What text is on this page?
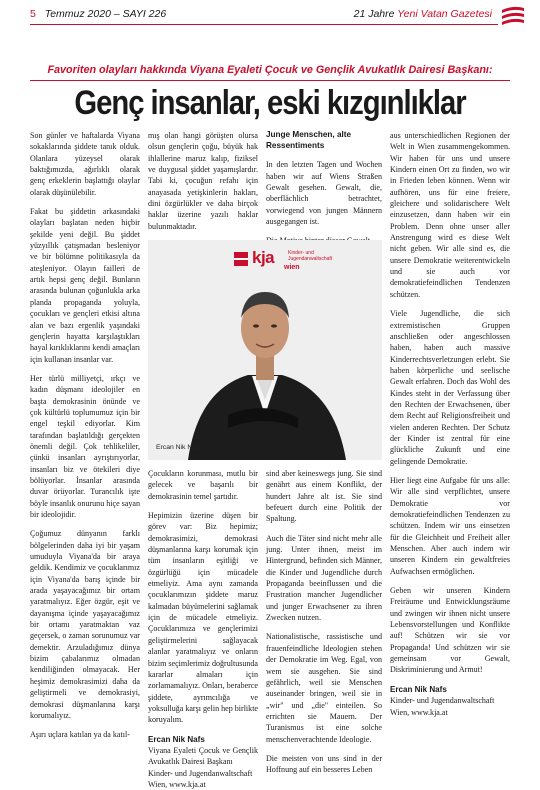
5 Temmuz 2020 – SAYI 226	21 Jahre Yeni Vatan Gazetesi
Favoriten olayları hakkında Viyana Eyaleti Çocuk ve Gençlik Avukatlık Dairesi Başkanı:
Genç insanlar, eski kızgınlıklar

Son günler ve haftalarda Viyana sokaklarında şiddete tanık olduk. Olanlara yüzeysel olarak baktığımızda, ağırlıklı olarak genç erkeklerin başlattığı olaylar olarak düşünülebilir.

Fakat bu şiddetin arkasındaki olayları başlatan neden hiçbir şekilde yeni değil. Bu şiddet yüzyıllık çatışmadan besleniyor ve bir bölümne politikasıyla da ateşleniyor. Olayın failleri de artık hepsi genç değil. Bunların arasında bulunan çoğunlukla arka planda propaganda yoluyla, çocukları ve gençleri etkisi altına alan ve bazı ergenlik yaşındaki gençlerin hayatta karşılaştıkları hayal kırıklıklarını kendi amaçları için kullanan insanlar var.

Her türlü milliyetçi, ırkçı ve kadın düşmanı ideolojiler en başta demokrasinin önünde ve çok kültürlü toplumumuz için bir engel teşkil ediyorlar. Kim tarafından başlatıldığı gerçekten önemli değil. Çok tehlikeliler, çünkü insanları ayrıştırıyorlar, insanları biz ve ötekileri diye bölüyorlar. İnsanlar arasında duvar örüyorlar. Turancılık işte böyle insanlık onurunu hiçe sayan bir ideolojidir.

Çoğumuz dünyanın farklı bölgelerinden daha iyi bir yaşam umuduyla Viyana'da bir araya geldik. Kendimiz ve çocuklarımız için Viyana'da barış içinde bir arada yaşayacağımız bir ortam yaratmalıyız. Eğer özgür, eşit ve dayanışma içinde yaşayacağımız bir ortamı yaratmaktan vaz geçersek, o zaman sorunumuz var demektir. Arzuladığımız dünya bizim çabalarımız olmadan kendiliğinden olmayacak. Her heşimiz demokrasimizi daha da geliştirmeli ve demokrasiyi, demokrasi düşmanlarına karşı korumalıyız.

Aşırı uçlara katılan ya da katıl-

mış olan hangi görüşten olursa olsun gençlerin çoğu, büyük hak ihlallerine maruz kalıp, fiziksel ve duygusal şiddet yaşamışlardır. Tabi ki, çocuğun refahı için anayasada yetişkinlerin hakları, dini özgürlükler ve daha birçok haklar üzerine yazılı haklar bulunmaktadır.

Junge Menschen, alte Ressentiments

In den letzten Tagen und Wochen haben wir auf Wiens Straßen Gewalt gesehen. Gewalt, die, oberflächlich betrachtet, vorwiegend von jungen Männern ausgegangen ist.

kja	Kinder- und
Jugendanwaltschaft
wien
Ercan Nik Nafs

Çocukların korunması, mutlu bir gelecek ve başarılı bir demokrasinin temel şartıdır.

Hepimizin üzerine düşen bir görev var: Biz hepimiz; demokrasimizi, demokrasi düşmanlarına karşı korumak için tüm insanların eşitliği ve özgürlüğü için mücadele etmeliyiz. Ama aynı zamanda çocuklarımızın şiddete maruz kalmadan büyümelerini sağlamak için de mücadele etmeliyiz. Çocuklarımıza ve gençlerimizi geliştirmelerini sağlayacak alanlar yaratmalıyız ve onların bizim seçimlerimiz doğrultusunda kararlar almaları için zorlamamalıyız. Onları, beraberce şiddete, ayrımcılığa ve yoksulluğa karşı gelin hep birlikte koruyalım.

Ercan Nik Nafs

Viyana Eyaleti Çocuk ve Gençlik Avukatlık Dairesi Başkanı

Kinder- und Jugendanwaltschaft

Wien, www.kja.at

sind aber keineswegs jung. Sie sind genährt aus einem Konflikt, der hundert Jahre alt ist. Sie sind befeuert durch eine Politik der Spaltung.

Auch die Täter sind nicht mehr alle jung. Unter ihnen, meist im Hintergrund, befinden sich Männer, die Kinder und Jugendliche durch Propaganda beeinflussen und die Frustration mancher Jugendlicher und junger Erwachsener zu ihren Zwecken nutzen.

Nationalistische, rassistische und frauenfeindliche Ideologien stehen der Demokratie im Weg. Egal, von wem sie ausgehen. Sie sind gefährlich, weil sie Menschen auseinander bringen, weil sie in „wir" und „die" einteilen. So errichten sie Mauern. Der Turanismus ist eine solche menschenverachtende Ideologie.

Die meisten von uns sind in der Hoffnung auf ein besseres Leben

aus unterschiedlichen Regionen der Welt in Wien zusammengekommen. Wir haben für uns und unsere Kindern einen Ort zu finden, wo wir in Frieden leben können. Wenn wir aufhören, uns für eine freiere, gleichere und solidarischere Welt einzusetzen, dann haben wir ein Problem. Denn ohne unser aller Anstrengung wird es diese Welt nicht geben. Wir alle sind es, die unsere Demokratie weiterentwickeln und sie auch vor demokratiefeindlichen Tendenzen schützen.

Viele Jugendliche, die sich extremistischen Gruppen anschließen oder angeschlossen haben, haben auch massive Kinderrechtsverletzungen erlebt. Sie haben körperliche und seelische Gewalt erfahren. Doch das Wohl des Kindes steht in der Verfassung über den Rechten der Erwachsenen, über dem Recht auf Religionsfreiheit und vielen anderen Rechten. Der Schutz der Kinder ist zentral für eine glückliche Zukunft und eine gelingende Demokratie.

Hier liegt eine Aufgabe für uns alle: Wir alle sind verpflichtet, unsere Demokratie vor demokratiefeindlichen Tendenzen zu schützen. Indem wir uns einsetzen für die Gleichheit und Freiheit aller Menschen. Aber auch indem wir unseren Kindern ein gewaltfreies Aufwachsen ermöglichen.

Geben wir unseren Kindern Freiräume und Entwicklungsräume und zwingen wir ihnen nicht unsere Lebensvorstellungen und Konflikte auf! Schützen wir sie vor Propaganda! Und schützen wir sie gemeinsam vor Gewalt, Diskriminierung und Armut!

Ercan Nik Nafs

Kinder- und Jugendanwaltschaft

Wien, www.kja.at
